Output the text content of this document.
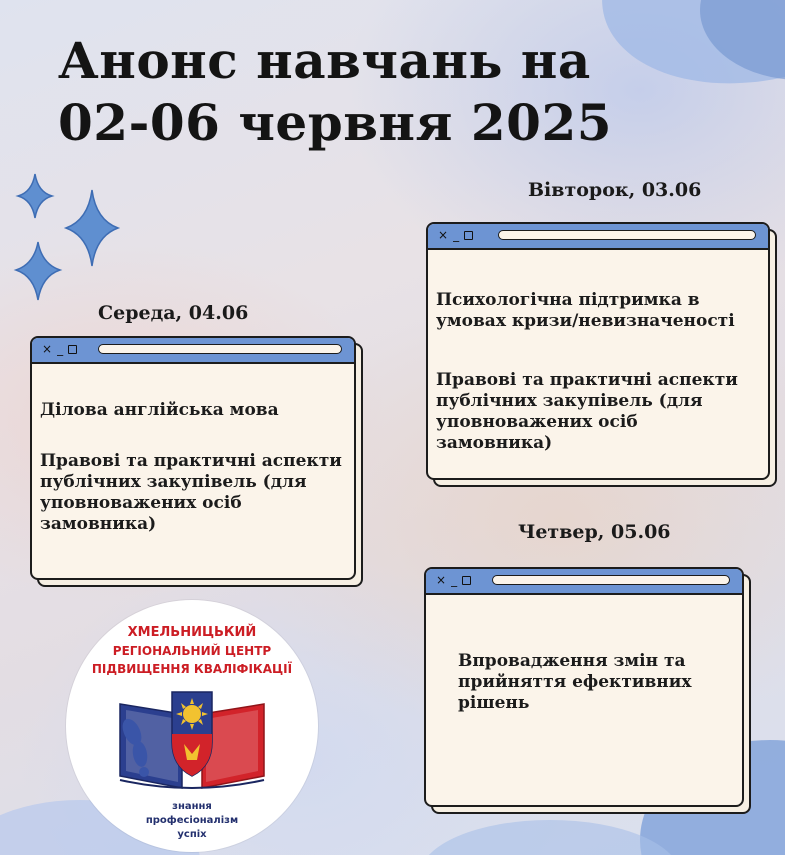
Анонс навчань на
02-06 червня 2025
Вівторок, 03.06
× _

Психологічна підтримка в умовах кризи/невизначеності

Правові та практичні аспекти публічних закупівель (для уповноважених осіб замовника)

Середа, 04.06
× _

Ділова англійська мова

Правові та практичні аспекти публічних закупівель (для уповноважених осіб замовника)	Четвер, 05.06
× _

Впровадження змін та прийняття ефективних рішень

ХМЕЛЬНИЦЬКИЙ
РЕГІОНАЛЬНИЙ ЦЕНТР
ПІДВИЩЕННЯ КВАЛІФІКАЦІЇ
знання
професіоналізм
успіх
